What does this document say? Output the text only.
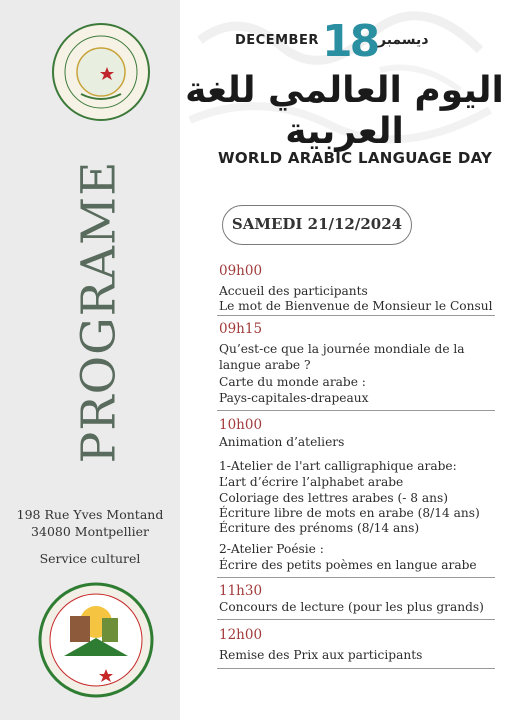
PROGRAME
198 Rue Yves Montand
34080 Montpellier
Service culturel
DECEMBER 18 ديسمبر
اليوم العالمي للغة العربية
WORLD ARABIC LANGUAGE DAY
SAMEDI 21/12/2024
09h00
Accueil des participants
Le mot de Bienvenue de Monsieur le Consul
09h15
Qu’est-ce que la journée mondiale de la
langue arabe ?
Carte du monde arabe :
Pays-capitales-drapeaux
10h00
Animation d’ateliers
1-Atelier de l'art calligraphique arabe:
L’art d’écrire l’alphabet arabe
Coloriage des lettres arabes (- 8 ans)
Écriture libre de mots en arabe (8/14 ans)
Écriture des prénoms (8/14 ans)
2-Atelier Poésie :
Écrire des petits poèmes en langue arabe
11h30
Concours de lecture (pour les plus grands)
12h00
Remise des Prix aux participants
